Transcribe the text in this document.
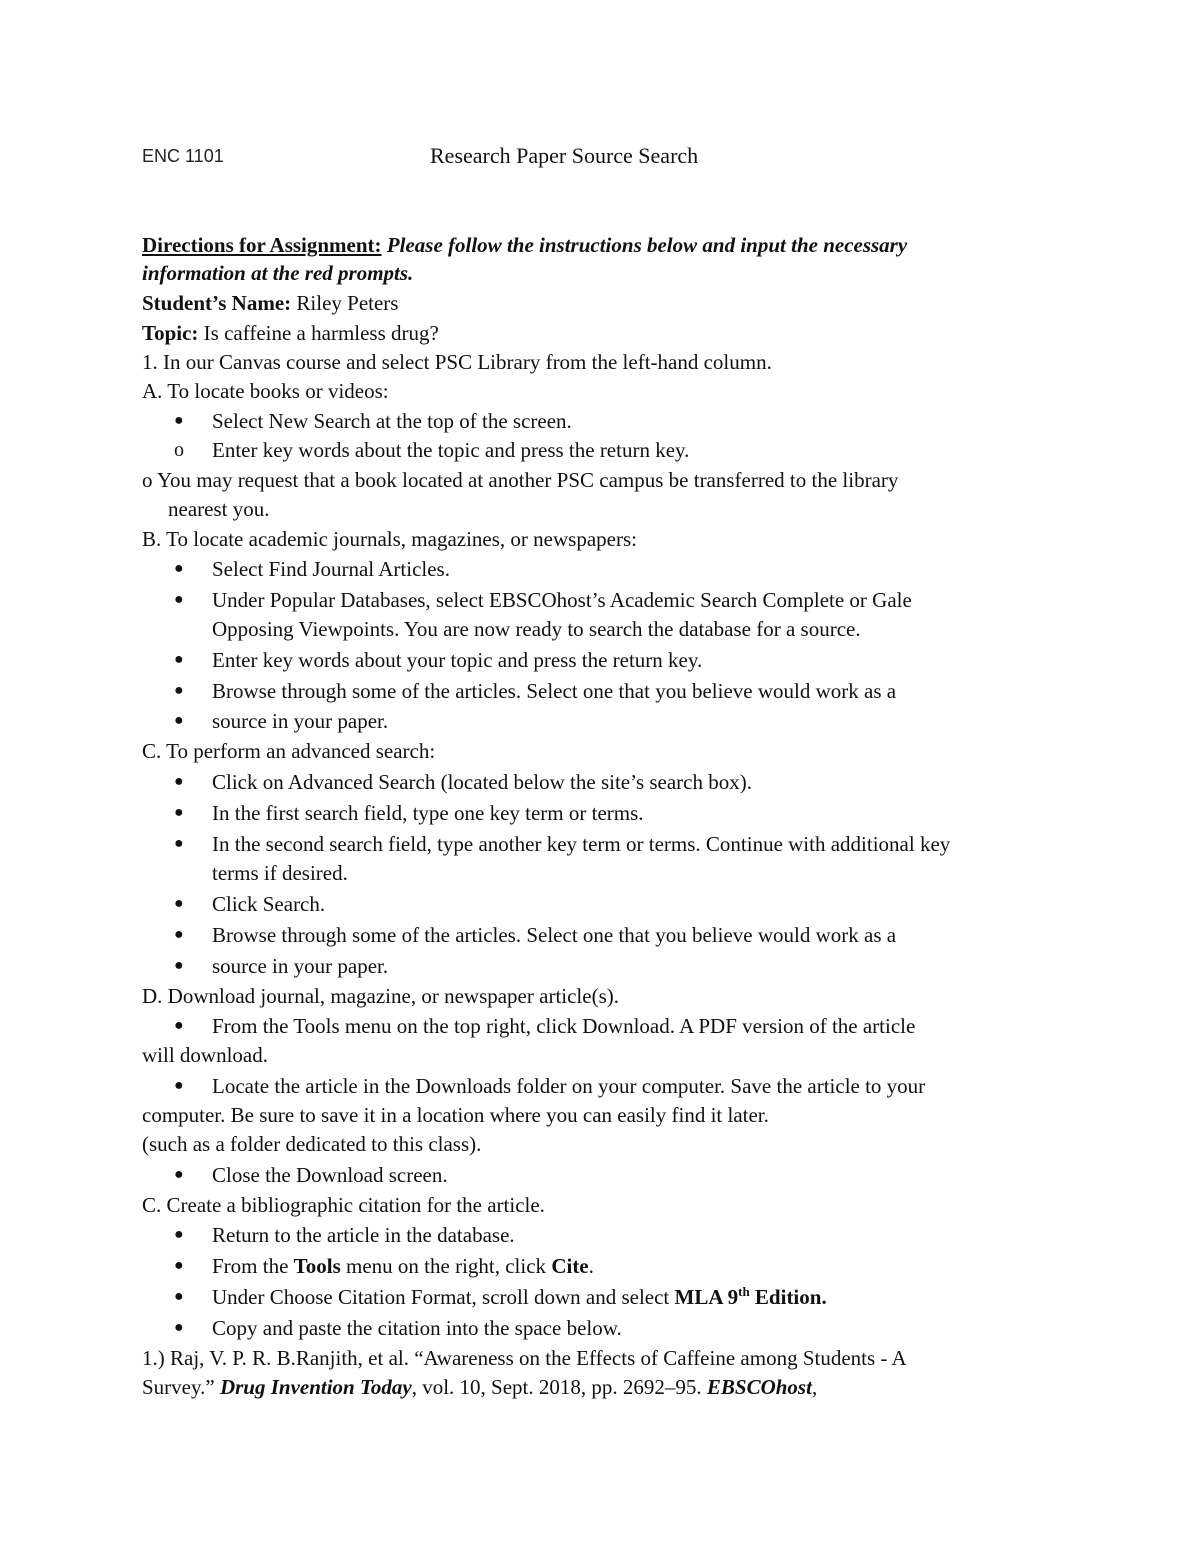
ENC 1101	Research Paper Source Search
Directions for Assignment: Please follow the instructions below and input the necessary
information at the red prompts.
Student’s Name: Riley Peters
Topic: Is caffeine a harmless drug?
1. In our Canvas course and select PSC Library from the left-hand column.
A. To locate books or videos:
● Select New Search at the top of the screen.
o Enter key words about the topic and press the return key.
o You may request that a book located at another PSC campus be transferred to the library
nearest you.
B. To locate academic journals, magazines, or newspapers:
● Select Find Journal Articles.
● Under Popular Databases, select EBSCOhost’s Academic Search Complete or Gale
Opposing Viewpoints. You are now ready to search the database for a source.
● Enter key words about your topic and press the return key.
● Browse through some of the articles. Select one that you believe would work as a
● source in your paper.
C. To perform an advanced search:
● Click on Advanced Search (located below the site’s search box).
● In the first search field, type one key term or terms.
● In the second search field, type another key term or terms. Continue with additional key
terms if desired.
● Click Search.
● Browse through some of the articles. Select one that you believe would work as a
● source in your paper.
D. Download journal, magazine, or newspaper article(s).
● From the Tools menu on the top right, click Download. A PDF version of the article
will download.
● Locate the article in the Downloads folder on your computer. Save the article to your
computer. Be sure to save it in a location where you can easily find it later.
(such as a folder dedicated to this class).
● Close the Download screen.
C. Create a bibliographic citation for the article.
● Return to the article in the database.
● From the Tools menu on the right, click Cite.
● Under Choose Citation Format, scroll down and select MLA 9th Edition.
● Copy and paste the citation into the space below.
1.) Raj, V. P. R. B.Ranjith, et al. “Awareness on the Effects of Caffeine among Students - A
Survey.” Drug Invention Today, vol. 10, Sept. 2018, pp. 2692–95. EBSCOhost,
